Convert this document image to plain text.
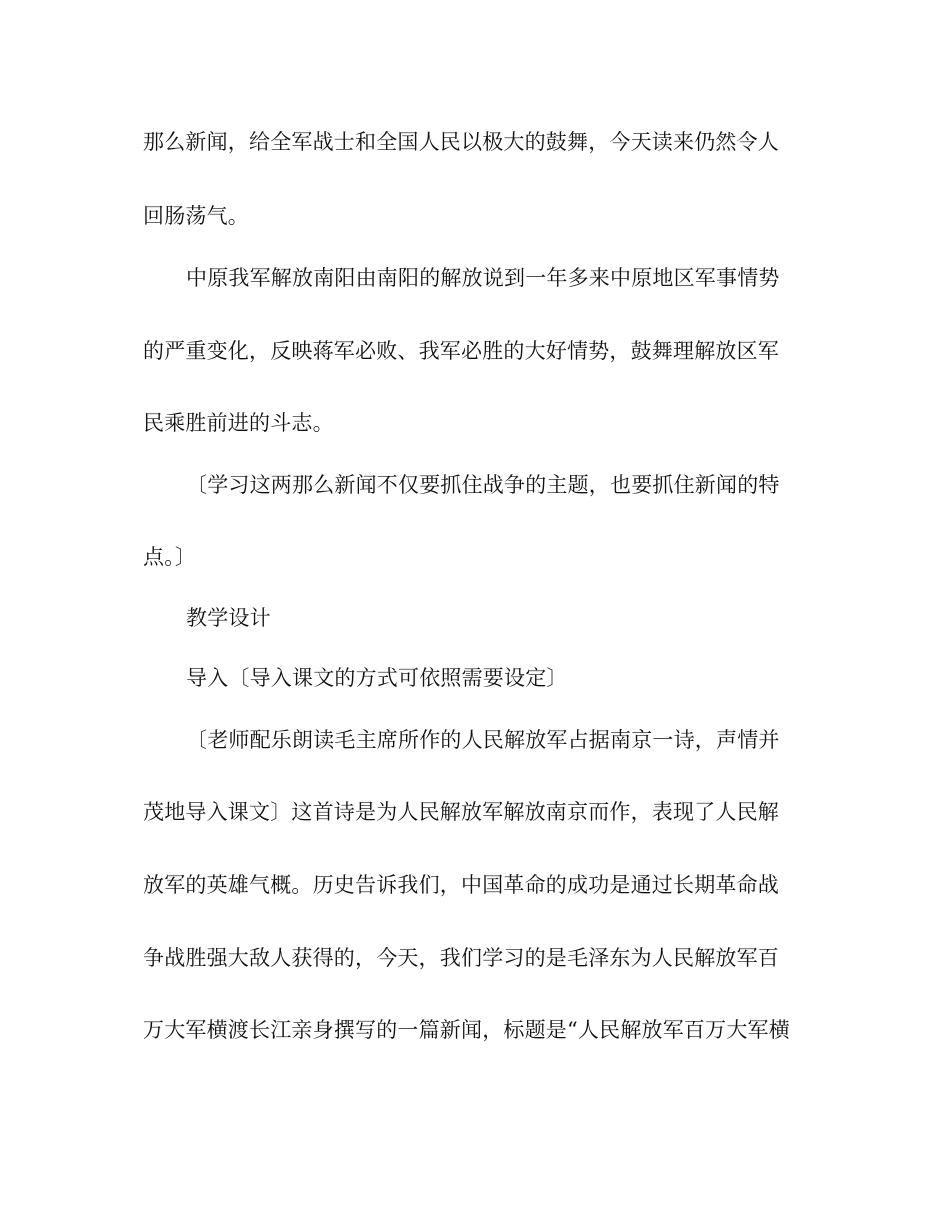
那么新闻，给全军战士和全国人民以极大的鼓舞，今天读来仍然令人
回肠荡气。
中原我军解放南阳由南阳的解放说到一年多来中原地区军事情势
的严重变化，反映蒋军必败、我军必胜的大好情势，鼓舞理解放区军
民乘胜前进的斗志。
〔学习这两那么新闻不仅要抓住战争的主题，也要抓住新闻的特
点。〕
教学设计
导入〔导入课文的方式可依照需要设定〕
〔老师配乐朗读毛主席所作的人民解放军占据南京一诗，声情并
茂地导入课文〕这首诗是为人民解放军解放南京而作，表现了人民解
放军的英雄气概。历史告诉我们，中国革命的成功是通过长期革命战
争战胜强大敌人获得的，今天，我们学习的是毛泽东为人民解放军百
万大军横渡长江亲身撰写的一篇新闻，标题是“人民解放军百万大军横
